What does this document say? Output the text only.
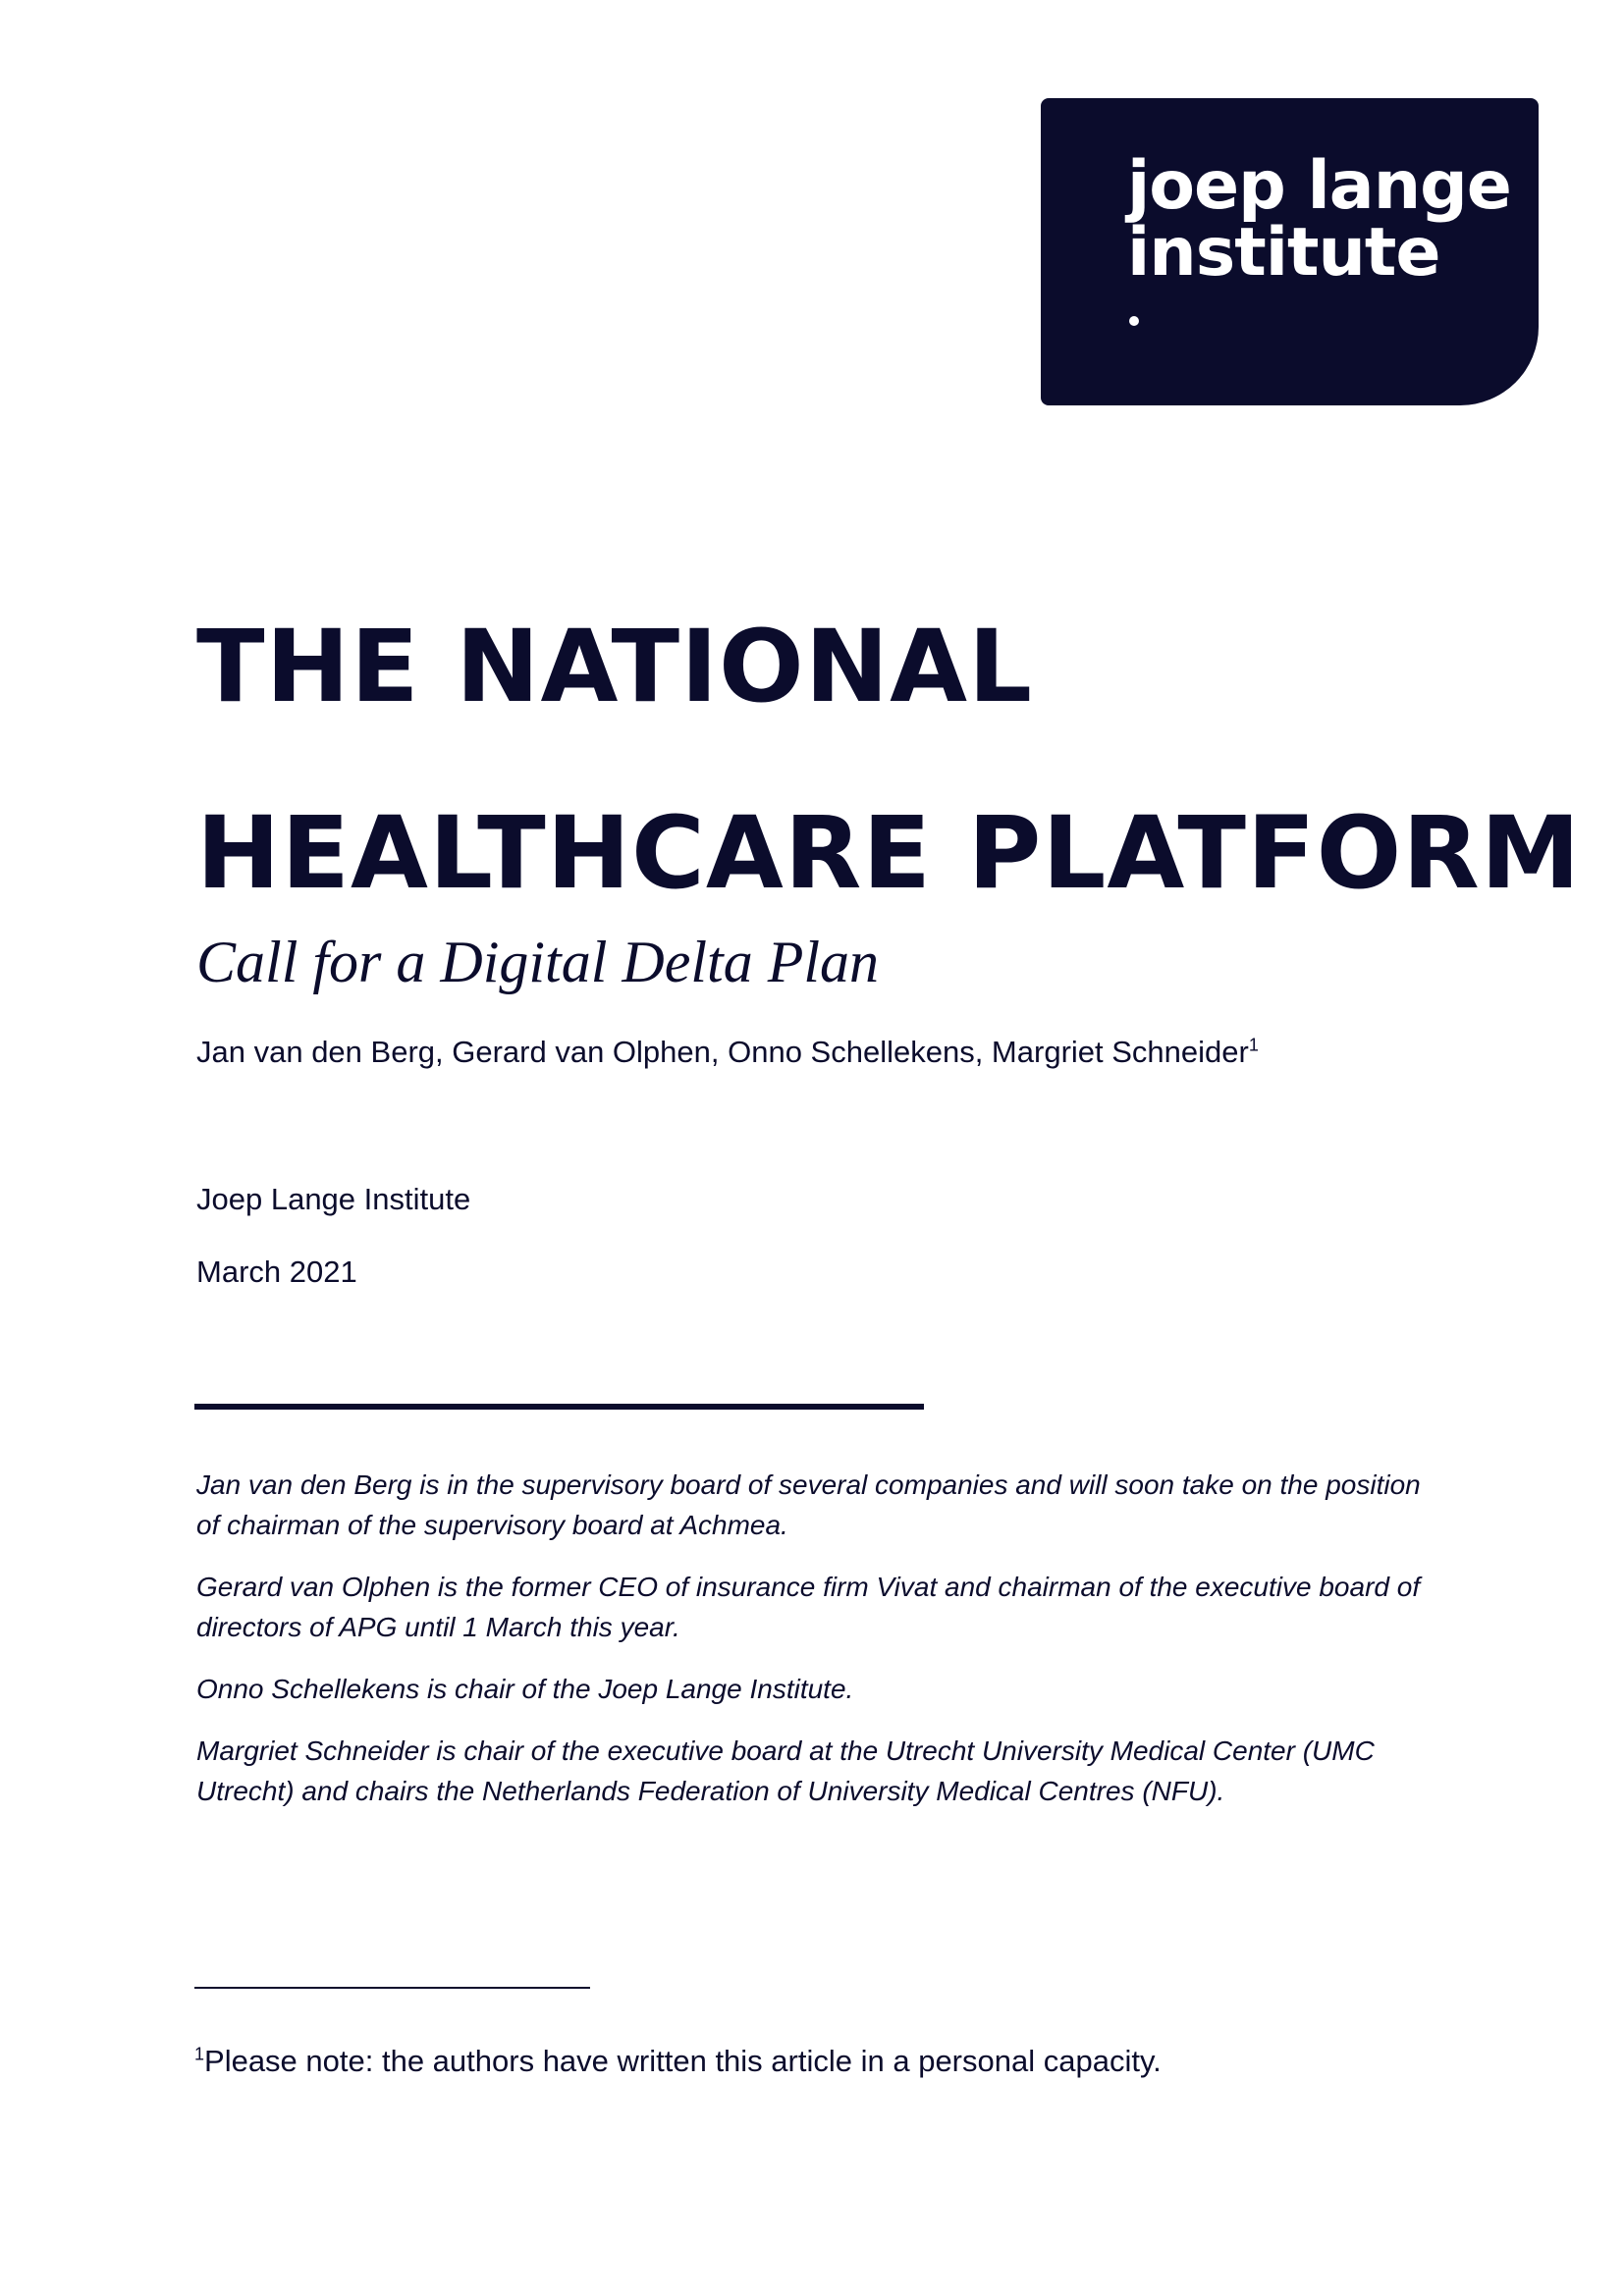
joep lange
institute
THE NATIONAL
HEALTHCARE PLATFORM
Call for a Digital Delta Plan
Jan van den Berg, Gerard van Olphen, Onno Schellekens, Margriet Schneider$^1$
Joep Lange Institute
March 2021

Jan van den Berg is in the supervisory board of several companies and will soon take on the position of chairman of the supervisory board at Achmea.

Gerard van Olphen is the former CEO of insurance firm Vivat and chairman of the executive board of directors of APG until 1 March this year.

Onno Schellekens is chair of the Joep Lange Institute.

Margriet Schneider is chair of the executive board at the Utrecht University Medical Center (UMC Utrecht) and chairs the Netherlands Federation of University Medical Centres (NFU).

$^1$Please note: the authors have written this article in a personal capacity.
